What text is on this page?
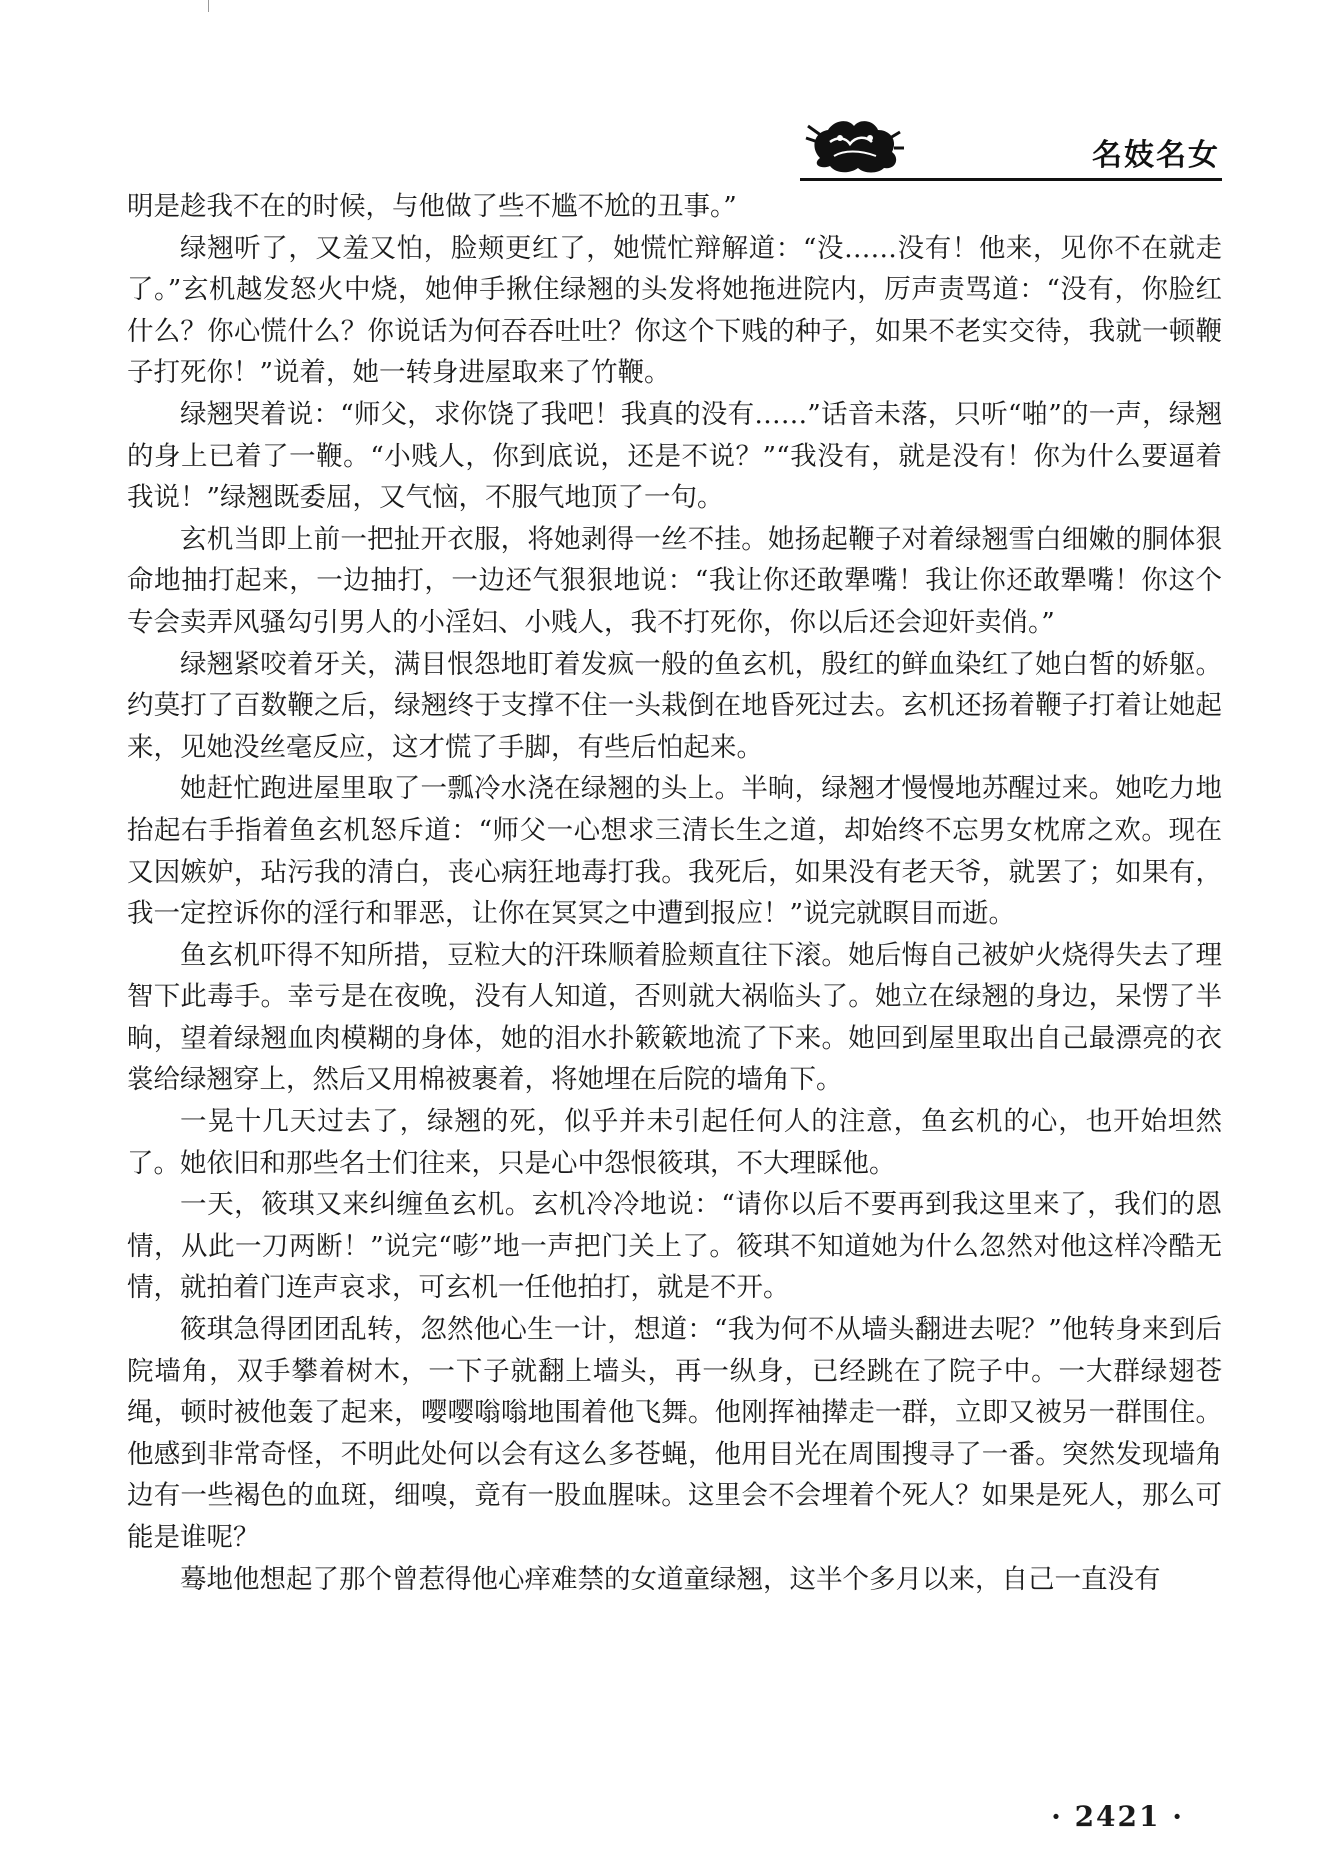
名妓名女

明是趁我不在的时候，与他做了些不尴不尬的丑事。”

绿翘听了，又羞又怕，脸颊更红了，她慌忙辩解道：“没……没有！他来，见你不在就走了。”玄机越发怒火中烧，她伸手揪住绿翘的头发将她拖进院内，厉声责骂道：“没有，你脸红什么？你心慌什么？你说话为何吞吞吐吐？你这个下贱的种子，如果不老实交待，我就一顿鞭子打死你！”说着，她一转身进屋取来了竹鞭。

绿翘哭着说：“师父，求你饶了我吧！我真的没有……”话音未落，只听“啪”的一声，绿翘的身上已着了一鞭。“小贱人，你到底说，还是不说？”“我没有，就是没有！你为什么要逼着我说！”绿翘既委屈，又气恼，不服气地顶了一句。

玄机当即上前一把扯开衣服，将她剥得一丝不挂。她扬起鞭子对着绿翘雪白细嫩的胴体狠命地抽打起来，一边抽打，一边还气狠狠地说：“我让你还敢犟嘴！我让你还敢犟嘴！你这个专会卖弄风骚勾引男人的小淫妇、小贱人，我不打死你，你以后还会迎奸卖俏。”

绿翘紧咬着牙关，满目恨怨地盯着发疯一般的鱼玄机，殷红的鲜血染红了她白皙的娇躯。约莫打了百数鞭之后，绿翘终于支撑不住一头栽倒在地昏死过去。玄机还扬着鞭子打着让她起来，见她没丝毫反应，这才慌了手脚，有些后怕起来。

她赶忙跑进屋里取了一瓢冷水浇在绿翘的头上。半晌，绿翘才慢慢地苏醒过来。她吃力地抬起右手指着鱼玄机怒斥道：“师父一心想求三清长生之道，却始终不忘男女枕席之欢。现在又因嫉妒，玷污我的清白，丧心病狂地毒打我。我死后，如果没有老天爷，就罢了；如果有，我一定控诉你的淫行和罪恶，让你在冥冥之中遭到报应！”说完就瞑目而逝。

鱼玄机吓得不知所措，豆粒大的汗珠顺着脸颊直往下滚。她后悔自己被妒火烧得失去了理智下此毒手。幸亏是在夜晚，没有人知道，否则就大祸临头了。她立在绿翘的身边，呆愣了半晌，望着绿翘血肉模糊的身体，她的泪水扑簌簌地流了下来。她回到屋里取出自己最漂亮的衣裳给绿翘穿上，然后又用棉被裹着，将她埋在后院的墙角下。

一晃十几天过去了，绿翘的死，似乎并未引起任何人的注意，鱼玄机的心，也开始坦然了。她依旧和那些名士们往来，只是心中怨恨筱琪，不大理睬他。

一天，筱琪又来纠缠鱼玄机。玄机冷冷地说：“请你以后不要再到我这里来了，我们的恩情，从此一刀两断！”说完“嘭”地一声把门关上了。筱琪不知道她为什么忽然对他这样冷酷无情，就拍着门连声哀求，可玄机一任他拍打，就是不开。

筱琪急得团团乱转，忽然他心生一计，想道：“我为何不从墙头翻进去呢？”他转身来到后院墙角，双手攀着树木，一下子就翻上墙头，再一纵身，已经跳在了院子中。一大群绿翅苍绳，顿时被他轰了起来，嘤嘤嗡嗡地围着他飞舞。他刚挥袖撵走一群，立即又被另一群围住。他感到非常奇怪，不明此处何以会有这么多苍蝇，他用目光在周围搜寻了一番。突然发现墙角边有一些褐色的血斑，细嗅，竟有一股血腥味。这里会不会埋着个死人？如果是死人，那么可能是谁呢？

蓦地他想起了那个曾惹得他心痒难禁的女道童绿翘，这半个多月以来，自己一直没有

· 2421 ·
